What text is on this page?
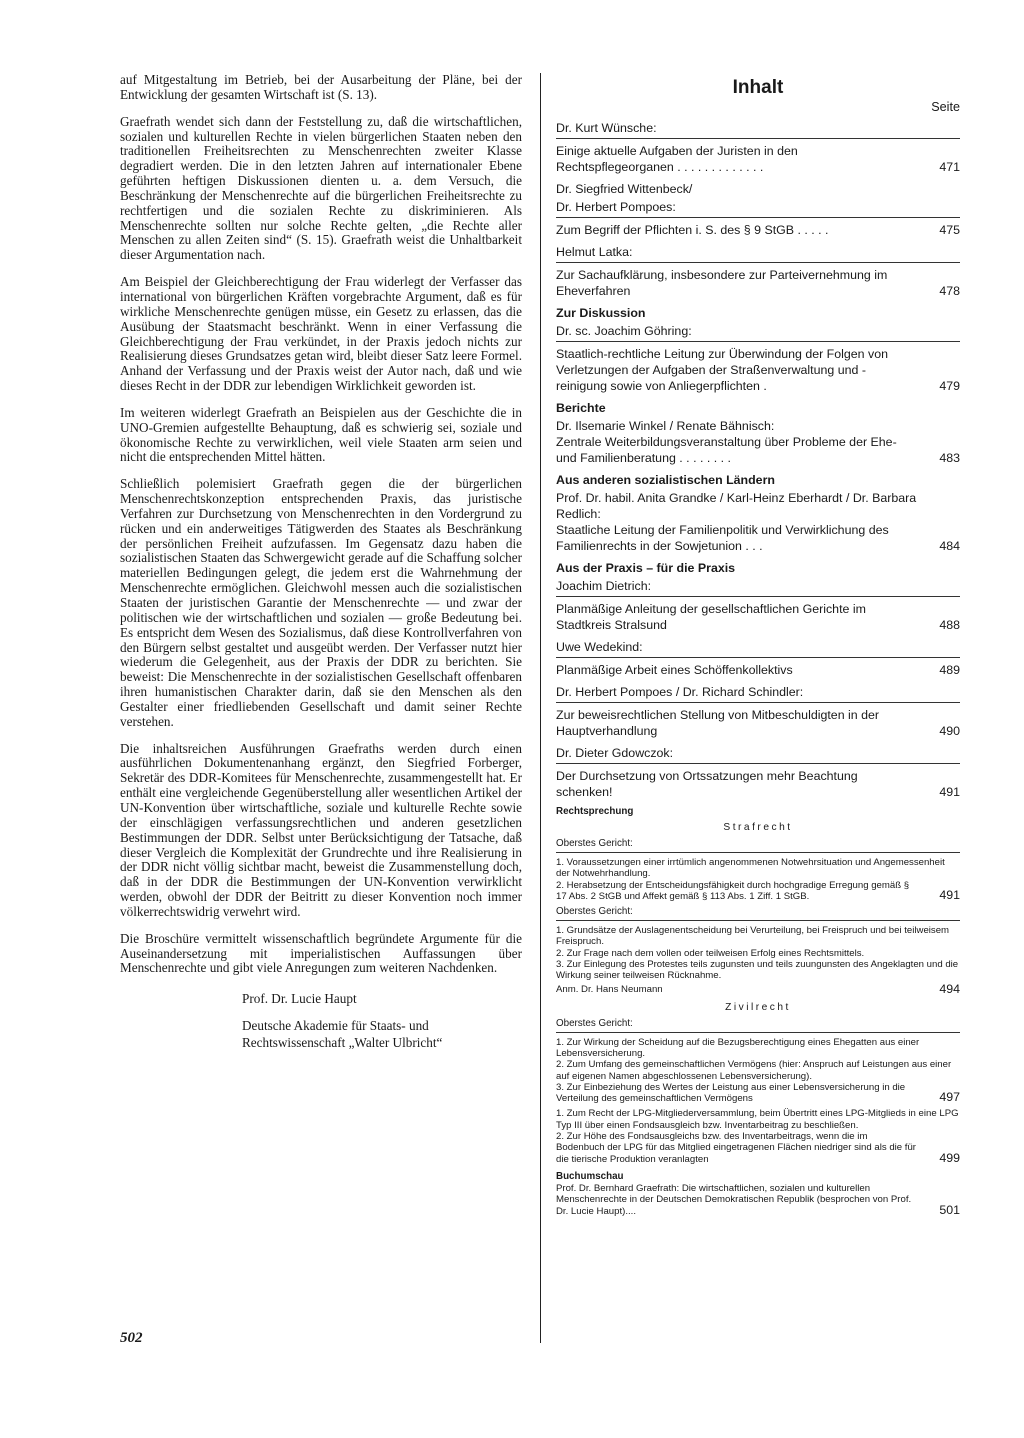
auf Mitgestaltung im Betrieb, bei der Ausarbeitung der Pläne, bei der Entwicklung der gesamten Wirtschaft ist (S. 13).

Graefrath wendet sich dann der Feststellung zu, daß die wirtschaftlichen, sozialen und kulturellen Rechte in vielen bürgerlichen Staaten neben den traditionellen Freiheitsrechten zu Menschenrechten zweiter Klasse degradiert werden. Die in den letzten Jahren auf internationaler Ebene geführten heftigen Diskussionen dienten u. a. dem Versuch, die Beschränkung der Menschenrechte auf die bürgerlichen Freiheitsrechte zu rechtfertigen und die sozialen Rechte zu diskriminieren. Als Menschenrechte sollten nur solche Rechte gelten, „die Rechte aller Menschen zu allen Zeiten sind“ (S. 15). Graefrath weist die Unhaltbarkeit dieser Argumentation nach.

Am Beispiel der Gleichberechtigung der Frau widerlegt der Verfasser das international von bürgerlichen Kräften vorgebrachte Argument, daß es für wirkliche Menschenrechte genügen müsse, ein Gesetz zu erlassen, das die Ausübung der Staatsmacht beschränkt. Wenn in einer Verfassung die Gleichberechtigung der Frau verkündet, in der Praxis jedoch nichts zur Realisierung dieses Grundsatzes getan wird, bleibt dieser Satz leere Formel. Anhand der Verfassung und der Praxis weist der Autor nach, daß und wie dieses Recht in der DDR zur lebendigen Wirklichkeit geworden ist.

Im weiteren widerlegt Graefrath an Beispielen aus der Geschichte die in UNO-Gremien aufgestellte Behauptung, daß es schwierig sei, soziale und ökonomische Rechte zu verwirklichen, weil viele Staaten arm seien und nicht die entsprechenden Mittel hätten.

Schließlich polemisiert Graefrath gegen die der bürgerlichen Menschenrechtskonzeption entsprechenden Praxis, das juristische Verfahren zur Durchsetzung von Menschenrechten in den Vordergrund zu rücken und ein anderweitiges Tätigwerden des Staates als Beschränkung der persönlichen Freiheit aufzufassen. Im Gegensatz dazu haben die sozialistischen Staaten das Schwergewicht gerade auf die Schaffung solcher materiellen Bedingungen gelegt, die jedem erst die Wahrnehmung der Menschenrechte ermöglichen. Gleichwohl messen auch die sozialistischen Staaten der juristischen Garantie der Menschenrechte — und zwar der politischen wie der wirtschaftlichen und sozialen — große Bedeutung bei. Es entspricht dem Wesen des Sozialismus, daß diese Kontrollverfahren von den Bürgern selbst gestaltet und ausgeübt werden. Der Verfasser nutzt hier wiederum die Gelegenheit, aus der Praxis der DDR zu berichten. Sie beweist: Die Menschenrechte in der sozialistischen Gesellschaft offenbaren ihren humanistischen Charakter darin, daß sie den Menschen als den Gestalter einer friedliebenden Gesellschaft und damit seiner Rechte verstehen.

Die inhaltsreichen Ausführungen Graefraths werden durch einen ausführlichen Dokumentenanhang ergänzt, den Siegfried Forberger, Sekretär des DDR-Komitees für Menschenrechte, zusammengestellt hat. Er enthält eine vergleichende Gegenüberstellung aller wesentlichen Artikel der UN-Konvention über wirtschaftliche, soziale und kulturelle Rechte sowie der einschlägigen verfassungsrechtlichen und anderen gesetzlichen Bestimmungen der DDR. Selbst unter Berücksichtigung der Tatsache, daß dieser Vergleich die Komplexität der Grundrechte und ihre Realisierung in der DDR nicht völlig sichtbar macht, beweist die Zusammenstellung doch, daß in der DDR die Bestimmungen der UN-Konvention verwirklicht werden, obwohl der DDR der Beitritt zu dieser Konvention noch immer völkerrechtswidrig verwehrt wird.

Die Broschüre vermittelt wissenschaftlich begründete Argumente für die Auseinandersetzung mit imperialistischen Auffassungen über Menschenrechte und gibt viele Anregungen zum weiteren Nachdenken.

Prof. Dr. Lucie Haupt
Deutsche Akademie für Staats- und
Rechtswissenschaft „Walter Ulbricht“
502
Inhalt
Seite
Dr. Kurt Wünsche:
Einige aktuelle Aufgaben der Juristen in den Rechtspflegeorganen . . . . . . . . . . . . .	471
Dr. Siegfried Wittenbeck/
Dr. Herbert Pompoes:
Zum Begriff der Pflichten i. S. des § 9 StGB . . . . .	475
Helmut Latka:
Zur Sachaufklärung, insbesondere zur Parteivernehmung im Eheverfahren	478
Zur Diskussion
Dr. sc. Joachim Göhring:
Staatlich-rechtliche Leitung zur Überwindung der Folgen von Verletzungen der Aufgaben der Straßenverwaltung und -reinigung sowie von Anliegerpflichten .	479
Berichte
Dr. Ilsemarie Winkel / Renate Bähnisch:
Zentrale Weiterbildungsveranstaltung über Probleme der Ehe- und Familienberatung . . . . . . . .	483
Aus anderen sozialistischen Ländern
Prof. Dr. habil. Anita Grandke / Karl-Heinz Eberhardt / Dr. Barbara Redlich:
Staatliche Leitung der Familienpolitik und Verwirklichung des Familienrechts in der Sowjetunion . . .	484
Aus der Praxis – für die Praxis
Joachim Dietrich:
Planmäßige Anleitung der gesellschaftlichen Gerichte im Stadtkreis Stralsund	488
Uwe Wedekind:
Planmäßige Arbeit eines Schöffenkollektivs	489
Dr. Herbert Pompoes / Dr. Richard Schindler:
Zur beweisrechtlichen Stellung von Mitbeschuldigten in der Hauptverhandlung	490
Dr. Dieter Gdowczok:
Der Durchsetzung von Ortssatzungen mehr Beachtung schenken!	491
Rechtsprechung
Strafrecht
Oberstes Gericht:
1. Voraussetzungen einer irrtümlich angenommenen Notwehrsituation und Angemessenheit der Notwehrhandlung.
2. Herabsetzung der Entscheidungsfähigkeit durch hochgradige Erregung gemäß § 17 Abs. 2 StGB und Affekt gemäß § 113 Abs. 1 Ziff. 1 StGB.	491
Oberstes Gericht:
1. Grundsätze der Auslagenentscheidung bei Verurteilung, bei Freispruch und bei teilweisem Freispruch.
2. Zur Frage nach dem vollen oder teilweisen Erfolg eines Rechtsmittels.
3. Zur Einlegung des Protestes teils zugunsten und teils zuungunsten des Angeklagten und die Wirkung seiner teilweisen Rücknahme.
Anm. Dr. Hans Neumann	494
Zivilrecht
Oberstes Gericht:
1. Zur Wirkung der Scheidung auf die Bezugsberechtigung eines Ehegatten aus einer Lebensversicherung.
2. Zum Umfang des gemeinschaftlichen Vermögens (hier: Anspruch auf Leistungen aus einer auf eigenen Namen abgeschlossenen Lebensversicherung).
3. Zur Einbeziehung des Wertes der Leistung aus einer Lebensversicherung in die Verteilung des gemeinschaftlichen Vermögens	497
1. Zum Recht der LPG-Mitgliederversammlung, beim Übertritt eines LPG-Mitglieds in eine LPG Typ III über einen Fondsausgleich bzw. Inventarbeitrag zu beschließen.
2. Zur Höhe des Fondsausgleichs bzw. des Inventarbeitrags, wenn die im Bodenbuch der LPG für das Mitglied eingetragenen Flächen niedriger sind als die für die tierische Produktion veranlagten	499
Buchumschau
Prof. Dr. Bernhard Graefrath: Die wirtschaftlichen, sozialen und kulturellen Menschenrechte in der Deutschen Demokratischen Republik (besprochen von Prof. Dr. Lucie Haupt)....	501
